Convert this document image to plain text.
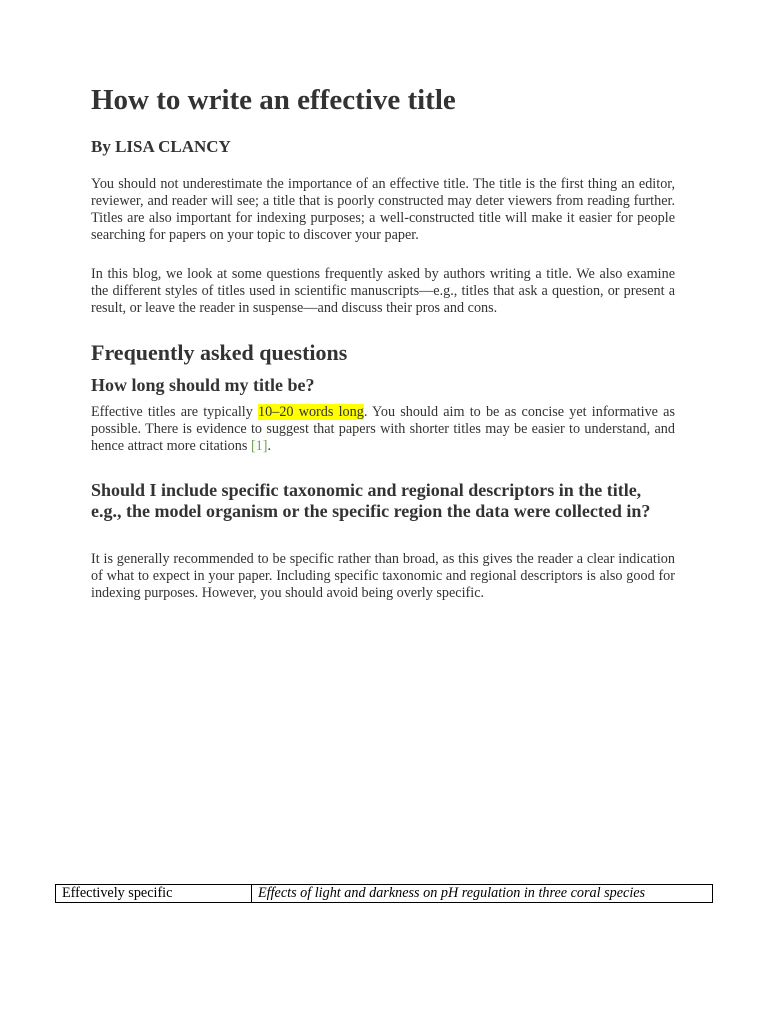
How to write an effective title
By LISA CLANCY

You should not underestimate the importance of an effective title. The title is the first thing an editor, reviewer, and reader will see; a title that is poorly constructed may deter viewers from reading further. Titles are also important for indexing purposes; a well-constructed title will make it easier for people searching for papers on your topic to discover your paper.

In this blog, we look at some questions frequently asked by authors writing a title. We also examine the different styles of titles used in scientific manuscripts—e.g., titles that ask a question, or present a result, or leave the reader in suspense—and discuss their pros and cons.

Frequently asked questions
How long should my title be?

Effective titles are typically 10–20 words long. You should aim to be as concise yet informative as possible. There is evidence to suggest that papers with shorter titles may be easier to understand, and hence attract more citations [1].

Should I include specific taxonomic and regional descriptors in the title, e.g., the model organism or the specific region the data were collected in?

It is generally recommended to be specific rather than broad, as this gives the reader a clear indication of what to expect in your paper. Including specific taxonomic and regional descriptors is also good for indexing purposes. However, you should avoid being overly specific.

Effectively specific	Effects of light and darkness on pH regulation in three coral species
